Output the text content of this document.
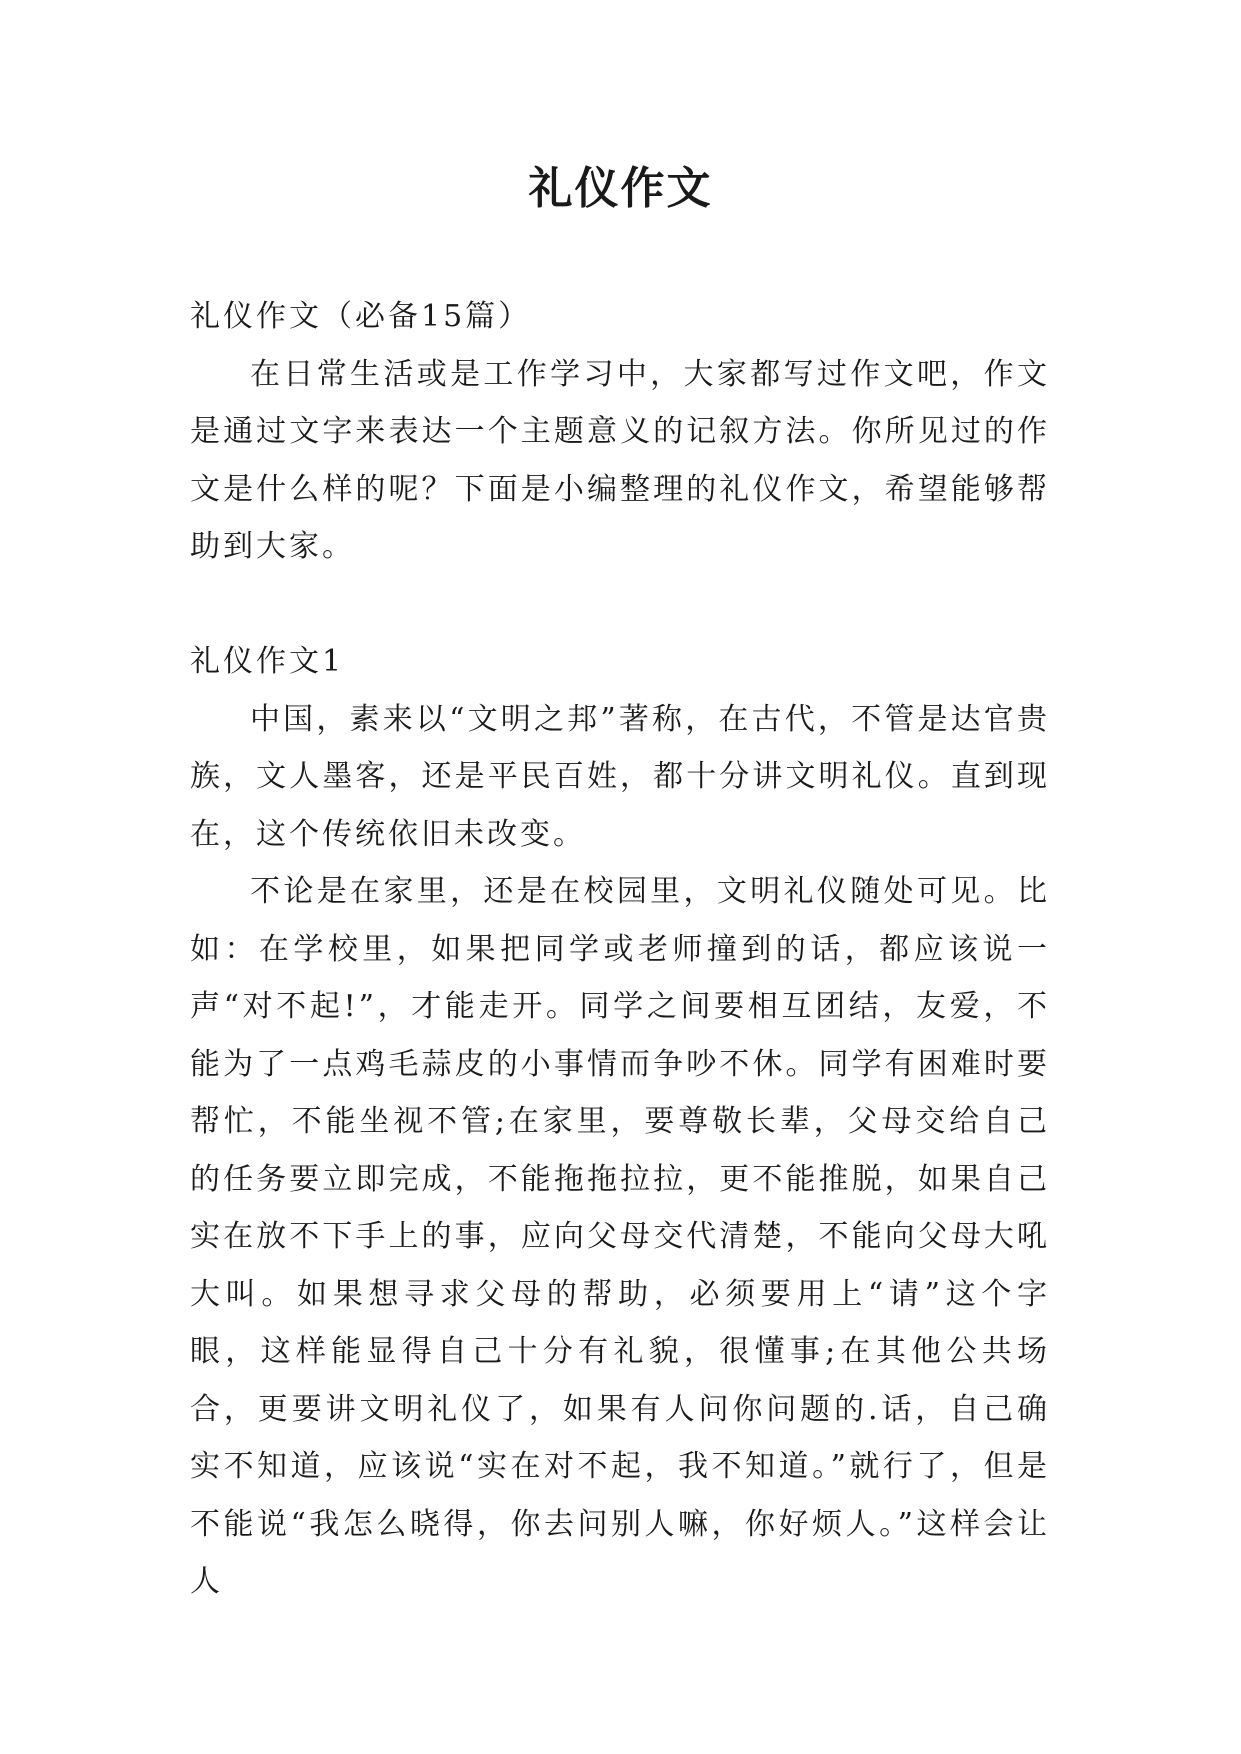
礼仪作文

礼仪作文（必备15篇）

在日常生活或是工作学习中，大家都写过作文吧，作文是通过文字来表达一个主题意义的记叙方法。你所见过的作文是什么样的呢？下面是小编整理的礼仪作文，希望能够帮助到大家。

礼仪作文1

中国，素来以“文明之邦”著称，在古代，不管是达官贵族，文人墨客，还是平民百姓，都十分讲文明礼仪。直到现在，这个传统依旧未改变。

不论是在家里，还是在校园里，文明礼仪随处可见。比如：在学校里，如果把同学或老师撞到的话，都应该说一声“对不起!”，才能走开。同学之间要相互团结，友爱，不能为了一点鸡毛蒜皮的小事情而争吵不休。同学有困难时要帮忙，不能坐视不管;在家里，要尊敬长辈，父母交给自己的任务要立即完成，不能拖拖拉拉，更不能推脱，如果自己实在放不下手上的事，应向父母交代清楚，不能向父母大吼大叫。如果想寻求父母的帮助，必须要用上“请”这个字眼，这样能显得自己十分有礼貌，很懂事;在其他公共场合，更要讲文明礼仪了，如果有人问你问题的.话，自己确实不知道，应该说“实在对不起，我不知道。”就行了，但是不能说“我怎么晓得，你去问别人嘛，你好烦人。”这样会让人
